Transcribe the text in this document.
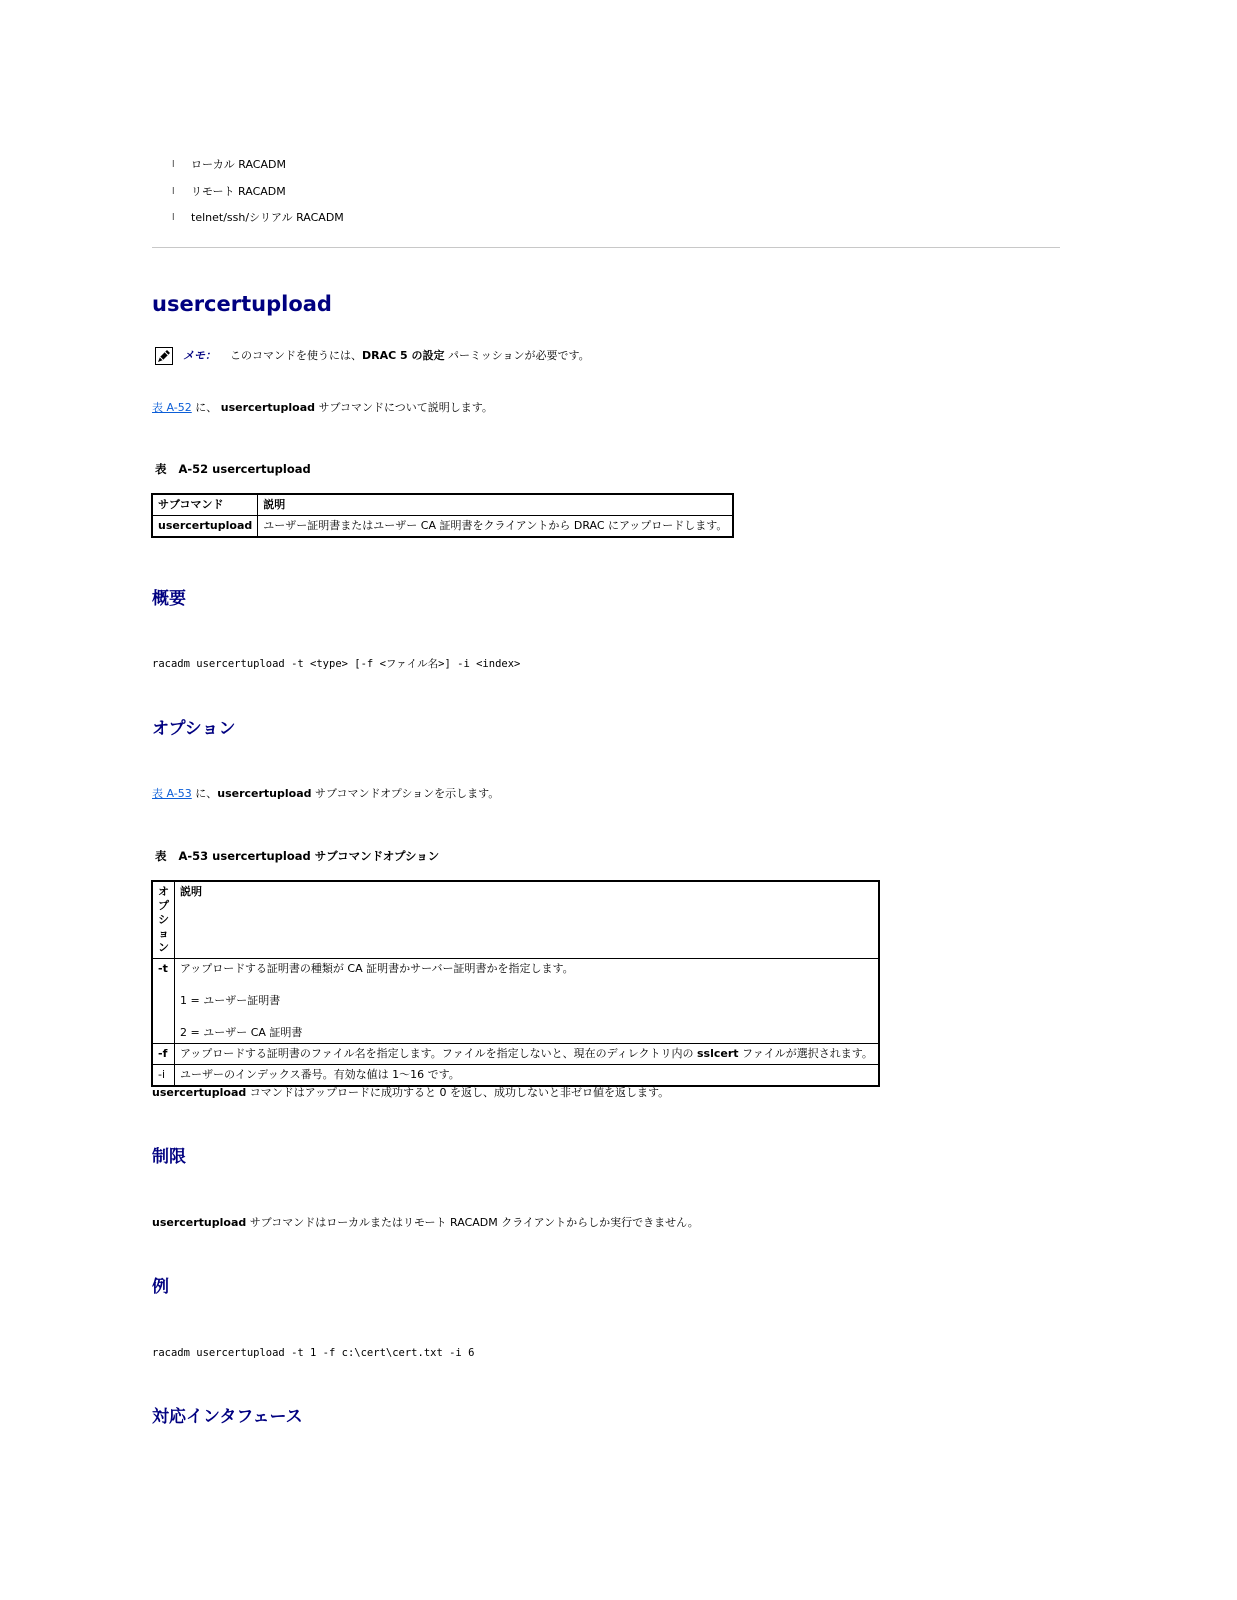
l ローカル RACADM
l リモート RACADM
l telnet/ssh/シリアル RACADM
usercertupload
メモ： このコマンドを使うには、DRAC 5 の設定 パーミッションが必要です。
表 A-52 に、 usercertupload サブコマンドについて説明します。
表 A-52 usercertupload
サブコマンド	説明
usercertupload	ユーザー証明書またはユーザー CA 証明書をクライアントから DRAC にアップロードします。
概要
racadm usercertupload -t <type> [-f <ファイル名>] -i <index>
オプション
表 A-53 に、usercertupload サブコマンドオプションを示します。
表 A-53 usercertupload サブコマンドオプション
オプション	説明
-t	アップロードする証明書の種類が CA 証明書かサーバー証明書かを指定します。
1 = ユーザー証明書
2 = ユーザー CA 証明書

-f	アップロードする証明書のファイル名を指定します。ファイルを指定しないと、現在のディレクトリ内の sslcert ファイルが選択されます。
-i	ユーザーのインデックス番号。有効な値は 1～16 です。
usercertupload コマンドはアップロードに成功すると 0 を返し、成功しないと非ゼロ値を返します。
制限
usercertupload サブコマンドはローカルまたはリモート RACADM クライアントからしか実行できません。
例
racadm usercertupload -t 1 -f c:\cert\cert.txt -i 6
対応インタフェース
